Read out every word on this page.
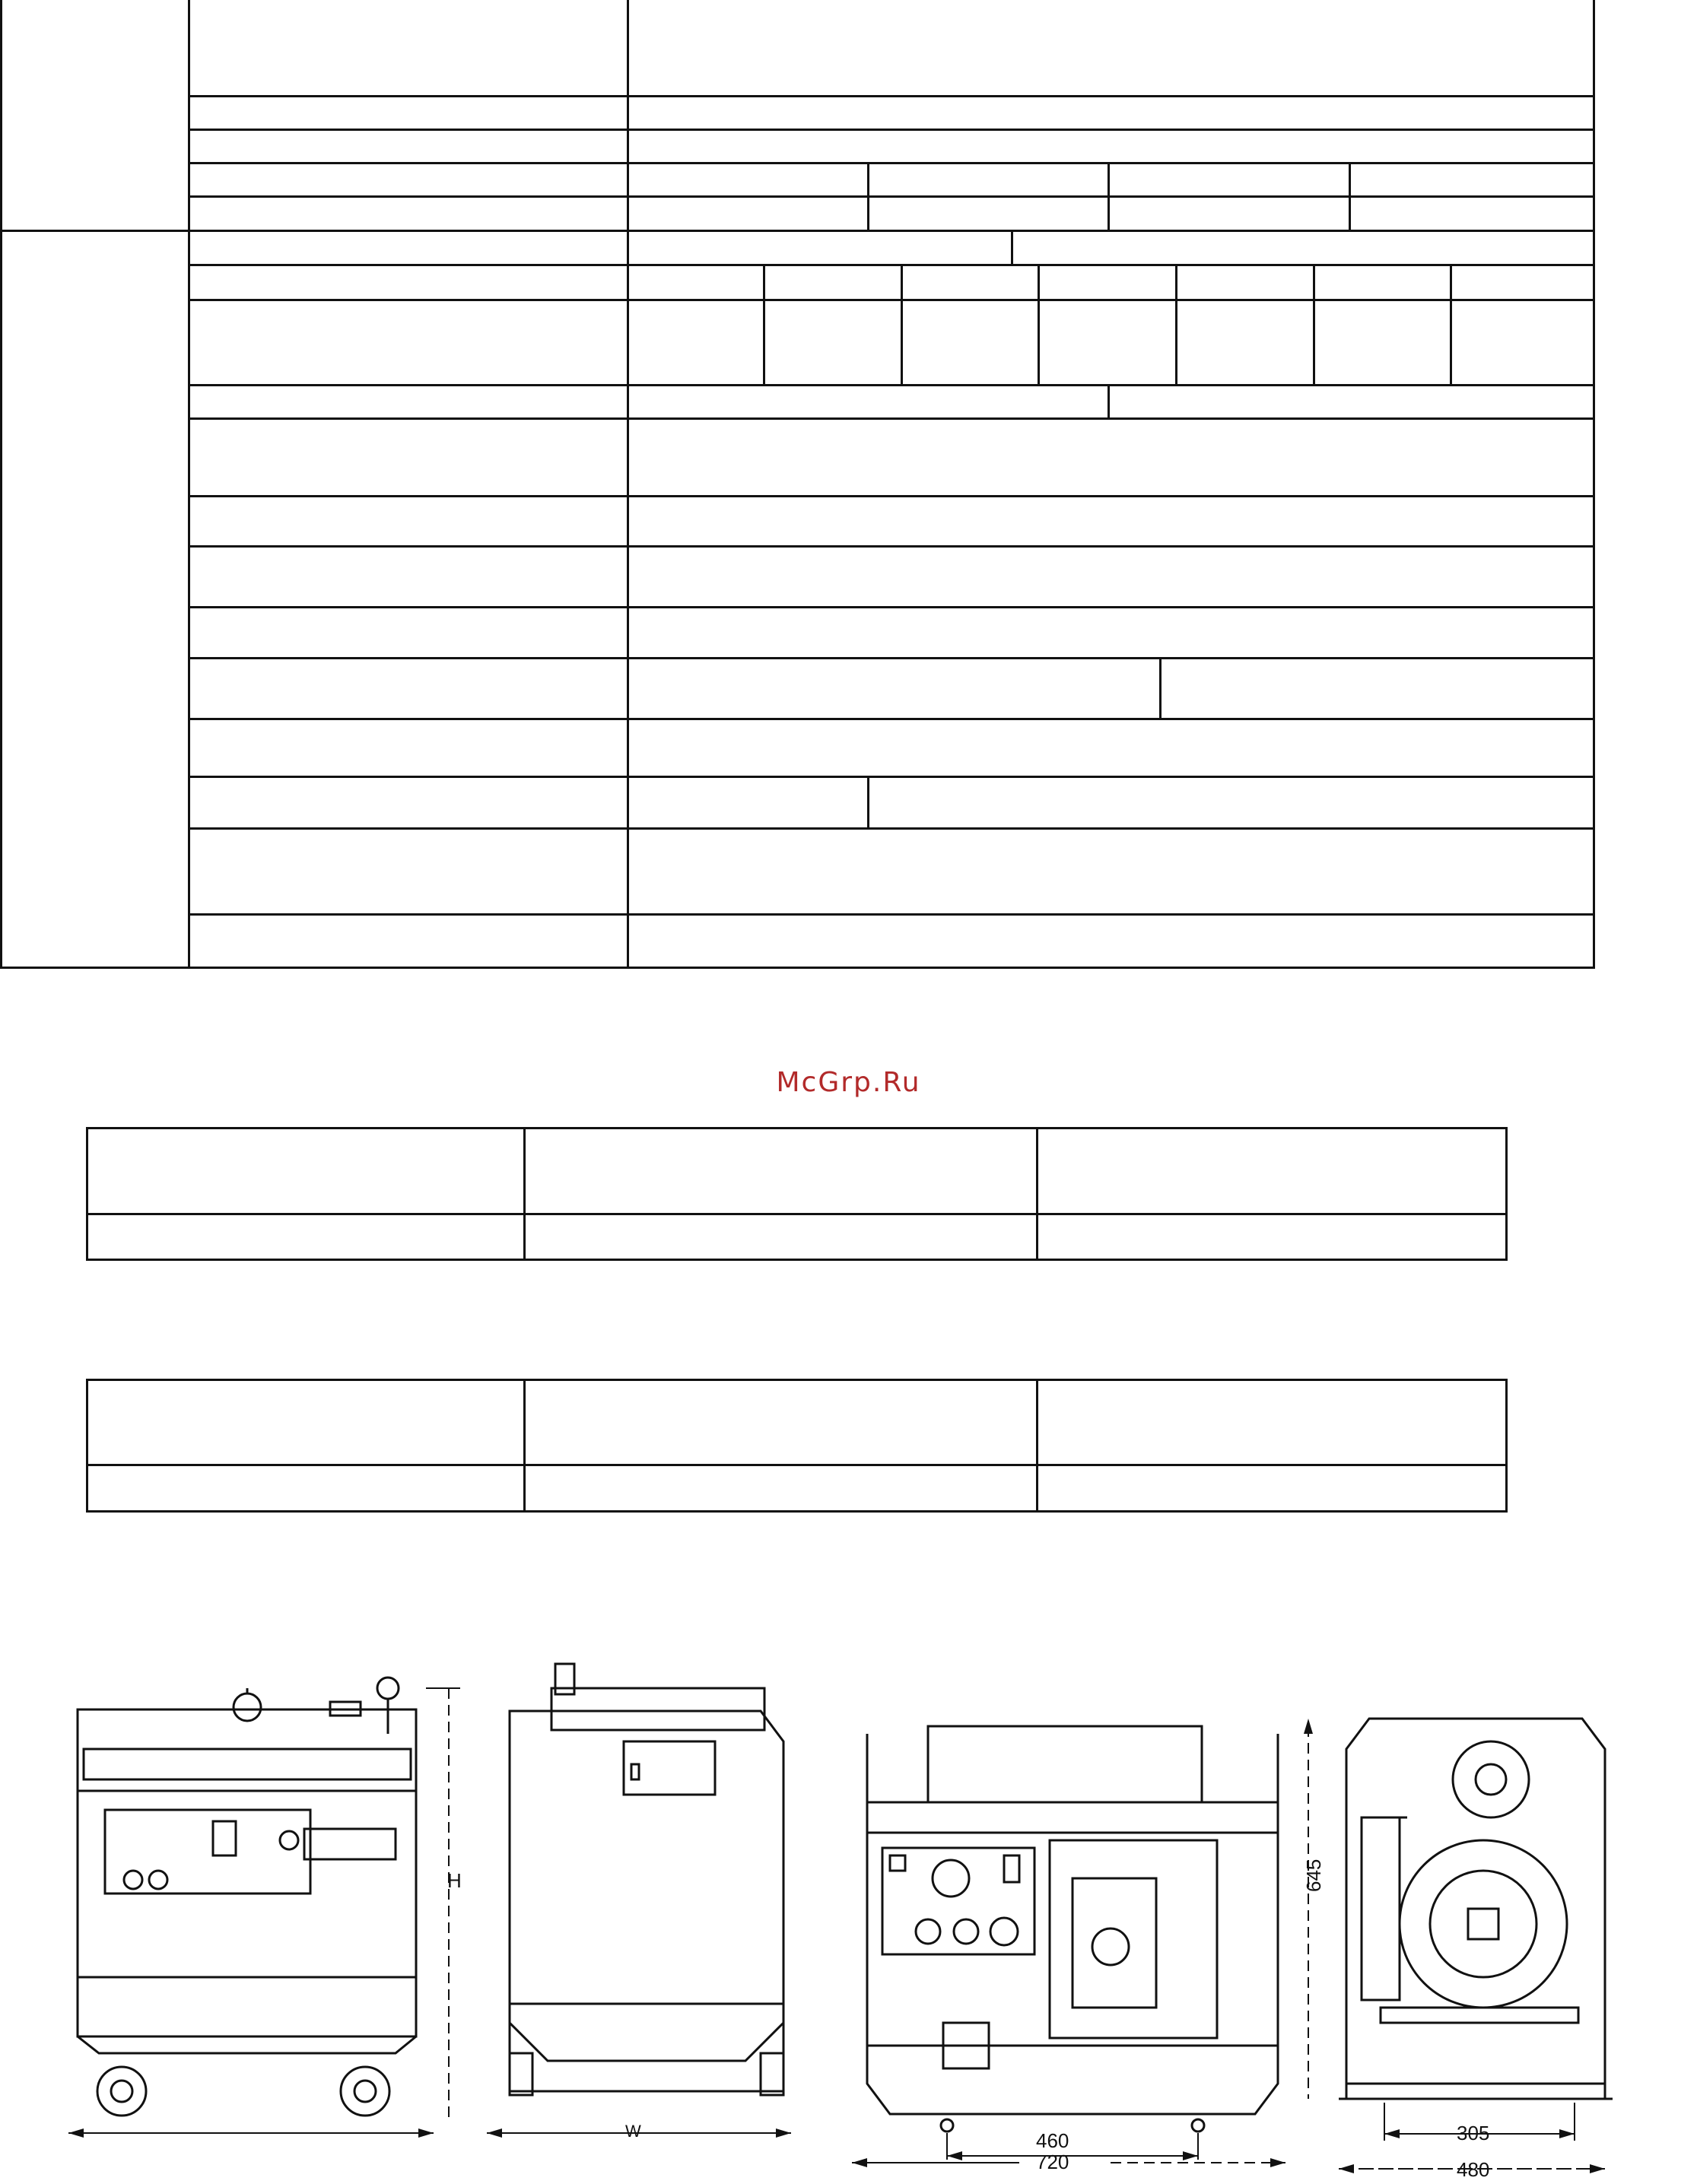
McGrp.Ru
H
W
645
460
720
305
480
